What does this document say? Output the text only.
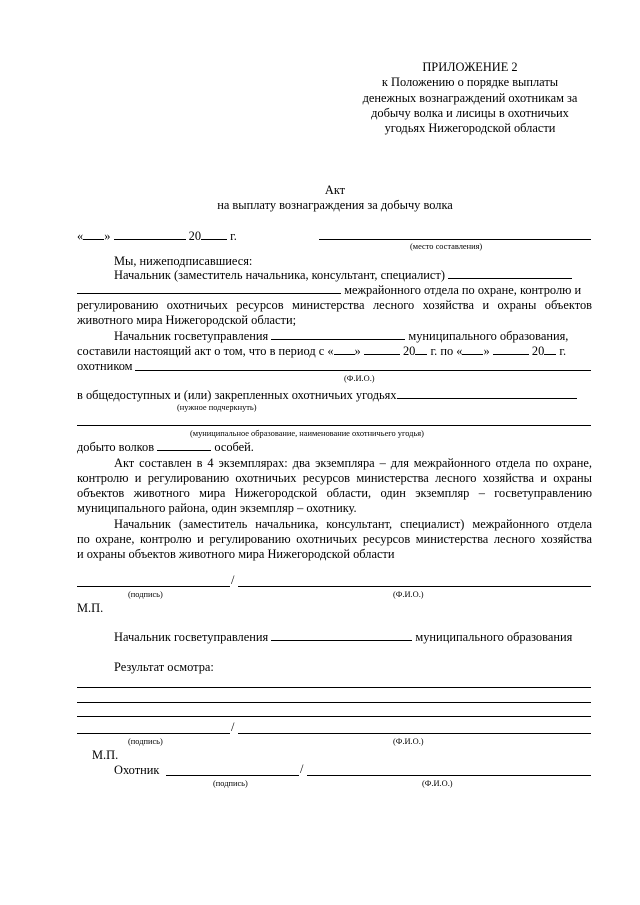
ПРИЛОЖЕНИЕ 2
к Положению о порядке выплаты
денежных вознаграждений охотникам за
добычу волка и лисицы в охотничьих
угодьях Нижегородской области
Акт
на выплату вознаграждения за добычу волка
« »	20 г.
(место составления)
Мы, нижеподписавшиеся:
Начальник (заместитель начальника, консультант, специалист)
межрайонного отдела по охране, контролю и
регулированию охотничьих ресурсов министерства лесного хозяйства и охраны объектов
животного мира Нижегородской области;
Начальник госветуправления	муниципального образования,
составили настоящий акт о том, что в период с « »	20 г. по « »	20 г.
охотником
(Ф.И.О.)
в общедоступных и (или) закрепленных охотничьих угодьях
(нужное подчеркнуть)
(муниципальное образование, наименование охотничьего угодья)
добыто волков	особей.
Акт составлен в 4 экземплярах: два экземпляра – для межрайонного отдела по охране,
контролю и регулированию охотничьих ресурсов министерства лесного хозяйства и охраны
объектов животного мира Нижегородской области, один экземпляр – госветуправлению
муниципального района, один экземпляр – охотнику.
Начальник (заместитель начальника, консультант, специалист) межрайонного отдела
по охране, контролю и регулированию охотничьих ресурсов министерства лесного хозяйства
и охраны объектов животного мира Нижегородской области
/
(подпись)	(Ф.И.О.)
М.П.
Начальник госветуправления	муниципального образования
Результат осмотра:
/
(подпись)	(Ф.И.О.)
М.П.
Охотник	/
(подпись)	(Ф.И.О.)
